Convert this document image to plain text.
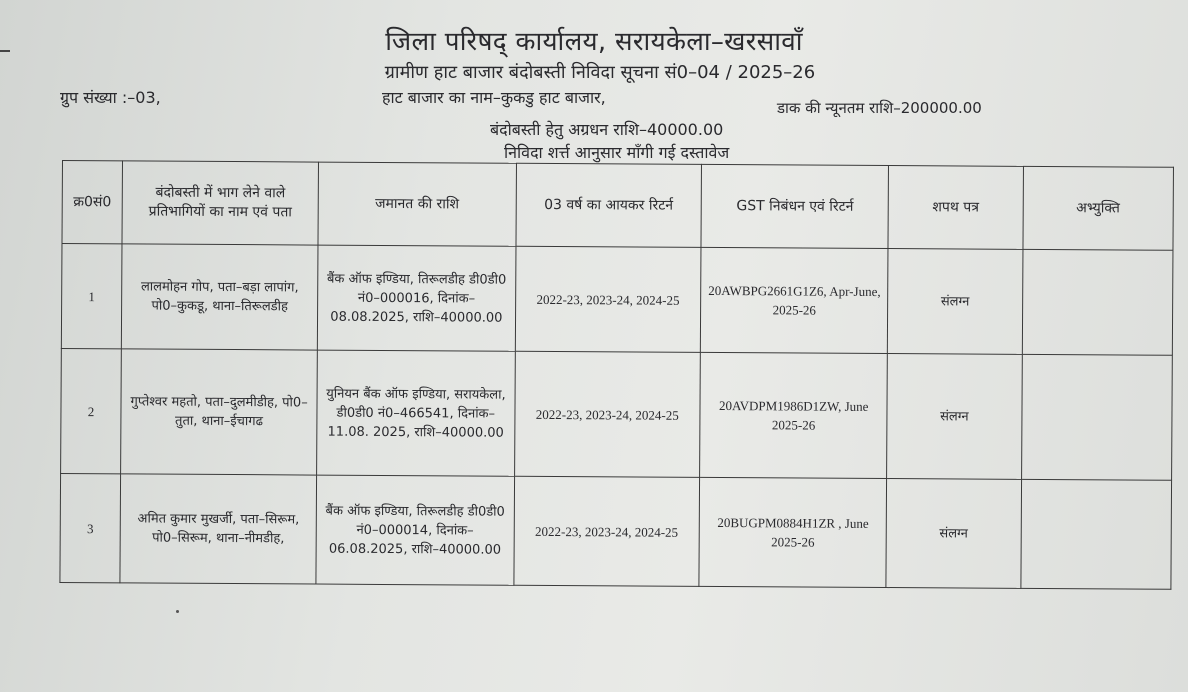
जिला परिषद् कार्यालय, सरायकेला–खरसावाँ
ग्रामीण हाट बाजार बंदोबस्ती निविदा सूचना सं0–04 / 2025–26
ग्रुप संख्या :–03,	हाट बाजार का नाम–कुकडु हाट बाजार,
डाक की न्यूनतम राशि–200000.00
बंदोबस्ती हेतु अग्रधन राशि–40000.00
निविदा शर्त्त आनुसार माँगी गई दस्तावेज
क्र0सं0	बंदोबस्ती में भाग लेने वाले प्रतिभागियों का नाम एवं पता	जमानत की राशि	03 वर्ष का आयकर रिटर्न	GST निबंधन एवं रिटर्न	शपथ पत्र	अभ्युक्ति
1	लालमोहन गोप, पता–बड़ा लापांग, पो0–कुकडू, थाना–तिरूलडीह	बैंक ऑफ इण्डिया, तिरूलडीह डी0डी0 नं0–000016, दिनांक–08.08.2025, राशि–40000.00	2022-23, 2023-24, 2024-25	20AWBPG2661G1Z6, Apr-June, 2025-26	संलग्न	
2	गुप्तेश्वर महतो, पता–दुलमीडीह, पो0–तुता, थाना–ईचागढ	युनियन बैंक ऑफ इण्डिया, सरायकेला, डी0डी0 नं0–466541, दिनांक–11.08. 2025, राशि–40000.00	2022-23, 2023-24, 2024-25	20AVDPM1986D1ZW, June 2025-26	संलग्न	
3	अमित कुमार मुखर्जी, पता–सिरूम, पो0–सिरूम, थाना–नीमडीह,	बैंक ऑफ इण्डिया, तिरूलडीह डी0डी0 नं0–000014, दिनांक–06.08.2025, राशि–40000.00	2022-23, 2023-24, 2024-25	20BUGPM0884H1ZR , June 2025-26	संलग्न	
